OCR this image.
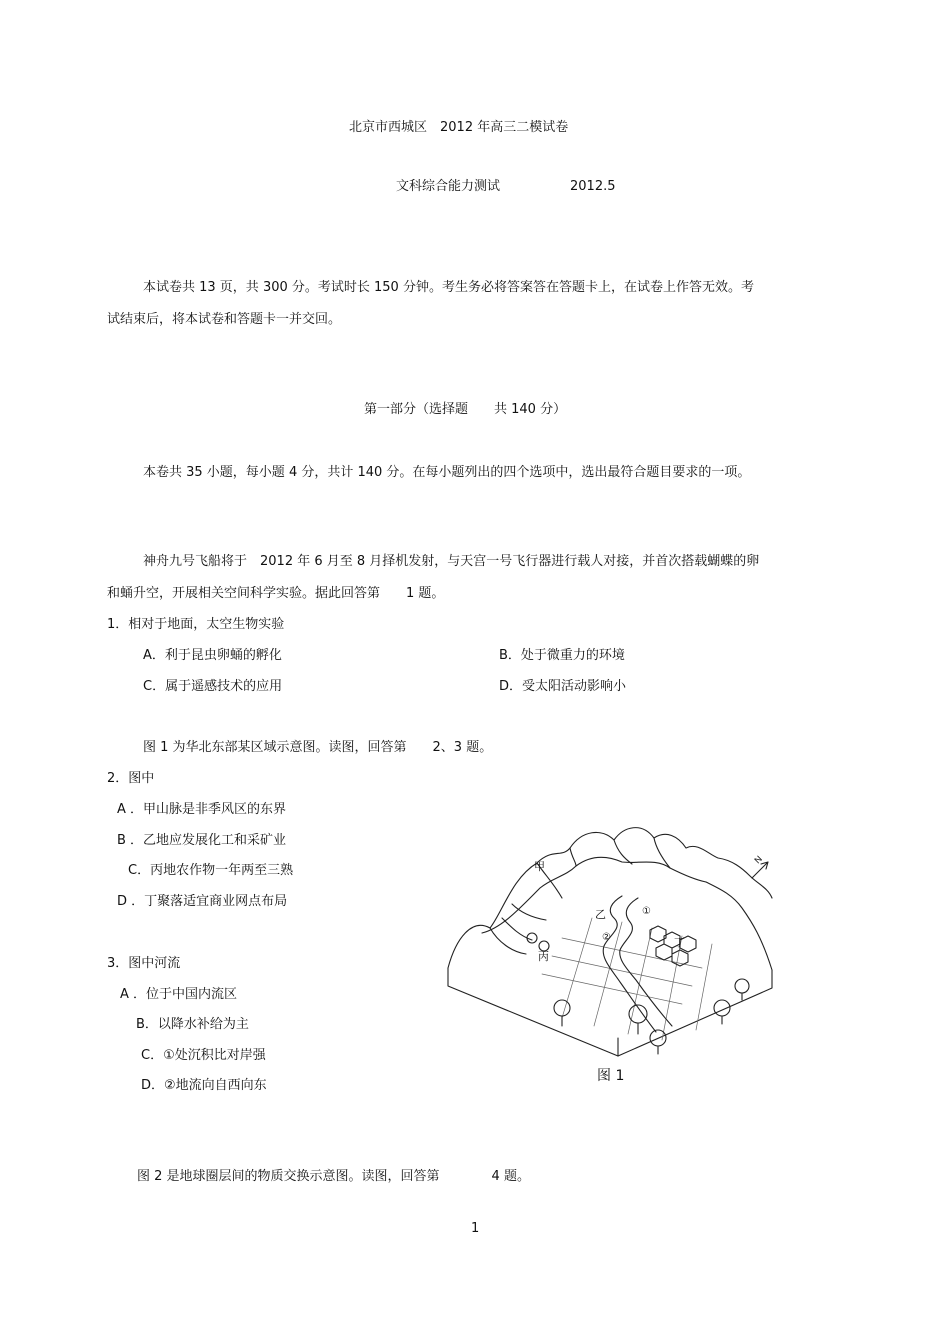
北京市西城区　2012 年高三二模试卷
文科综合能力测试	2012.5
本试卷共 13 页，共 300 分。考试时长 150 分钟。考生务必将答案答在答题卡上，在试卷上作答无效。考
试结束后，将本试卷和答题卡一并交回。
第一部分（选择题　　共 140 分）
本卷共 35 小题，每小题 4 分，共计 140 分。在每小题列出的四个选项中，选出最符合题目要求的一项。
神舟九号飞船将于　2012 年 6 月至 8 月择机发射，与天宫一号飞行器进行载人对接，并首次搭载蝴蝶的卵
和蛹升空，开展相关空间科学实验。据此回答第　　1 题。
1．相对于地面，太空生物实验
A．利于昆虫卵蛹的孵化	B．处于微重力的环境
C．属于遥感技术的应用	D．受太阳活动影响小
图 1 为华北东部某区域示意图。读图，回答第　　2、3 题。
2．图中
A ．甲山脉是非季风区的东界
B ．乙地应发展化工和采矿业
C．丙地农作物一年两至三熟
D ．丁聚落适宜商业网点布局
3．图中河流
A ．位于中国内流区
B．以降水补给为主
C．①处沉积比对岸强
D．②地流向自西向东
甲
乙
丙
丁
①
②
N
图 1
图 2 是地球圈层间的物质交换示意图。读图，回答第　　　　4 题。
1
